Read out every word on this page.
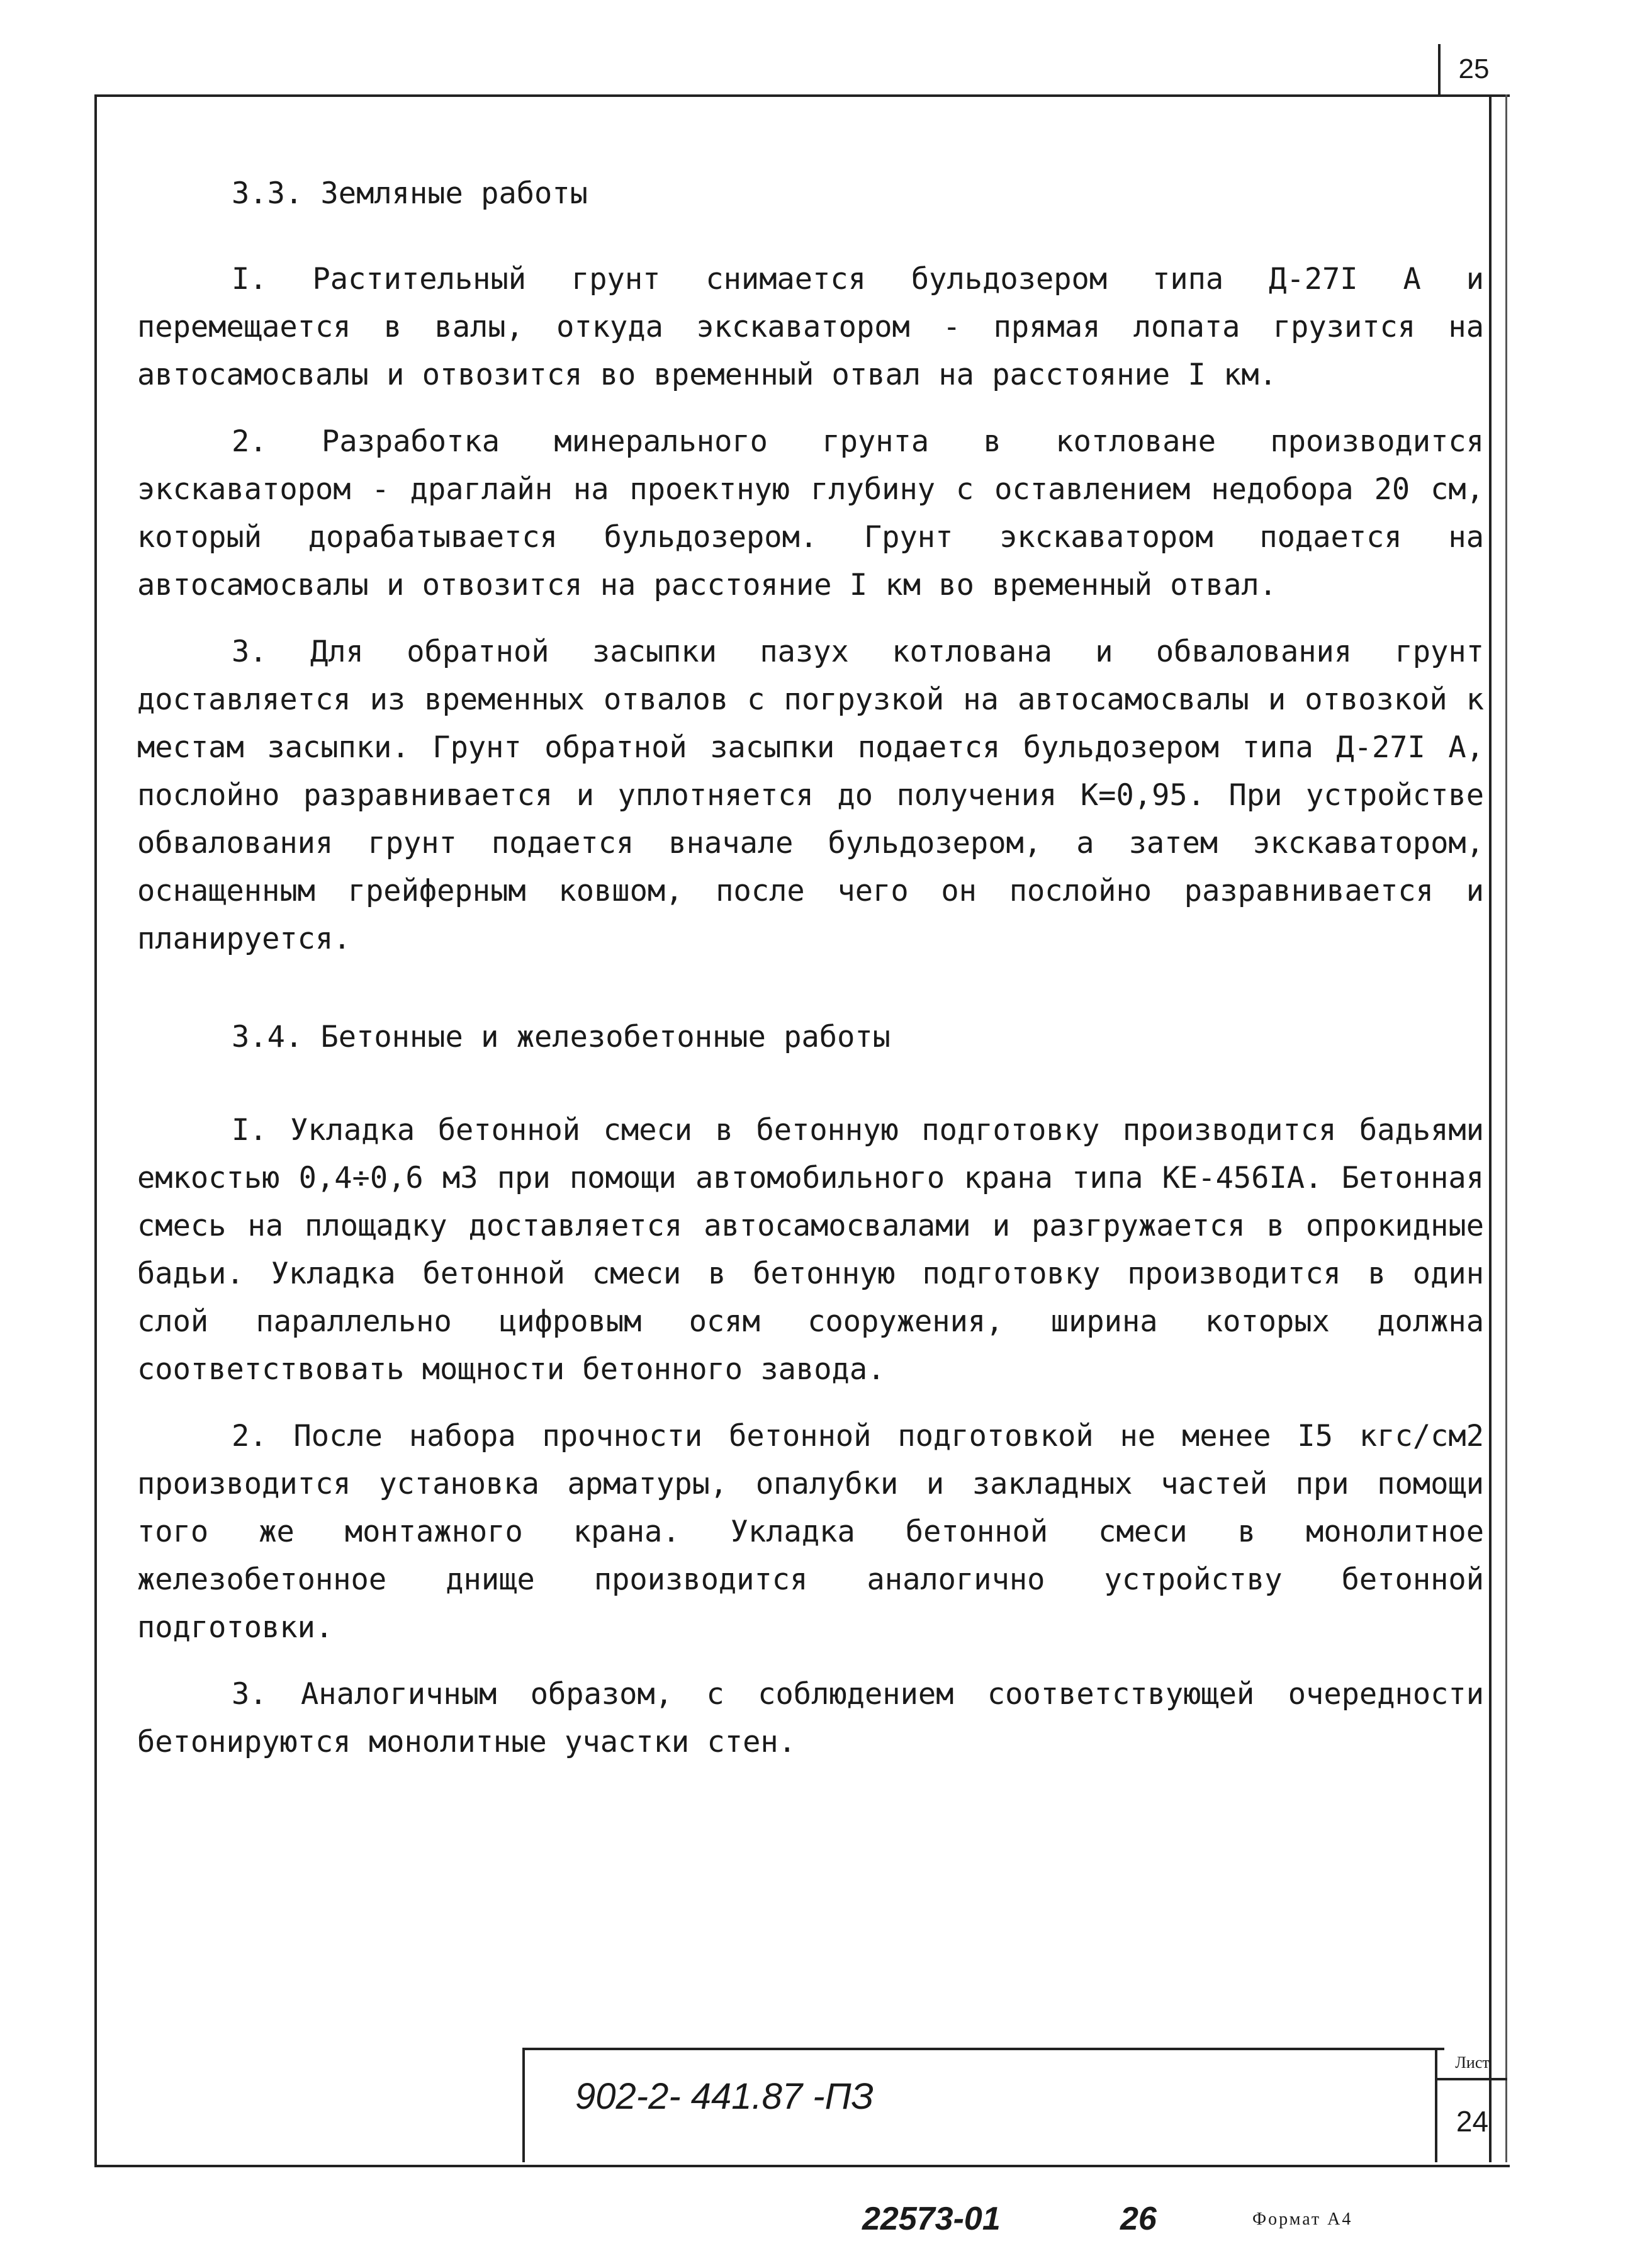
25

3.3. Земляные работы

I. Растительный грунт снимается бульдозером типа Д-27I А и перемещается в валы, откуда экскаватором - прямая лопата грузится на автосамосвалы и отвозится во временный отвал на расстояние I км.

2. Разработка минерального грунта в котловане производится экскаватором - драглайн на проектную глубину с оставлением недобора 20 см, который дорабатывается бульдозером. Грунт экскаватором подается на автосамосвалы и отвозится на расстояние I км во временный отвал.

3. Для обратной засыпки пазух котлована и обвалования грунт доставляется из временных отвалов с погрузкой на автосамосвалы и отвозкой к местам засыпки. Грунт обратной засыпки подается бульдозером типа Д-27I А, послойно разравнивается и уплотняется до получения К=0,95. При устройстве обвалования грунт подается вначале бульдозером, а затем экскаватором, оснащенным грейферным ковшом, после чего он послойно разравнивается и планируется.

3.4. Бетонные и железобетонные работы

I. Укладка бетонной смеси в бетонную подготовку производится бадьями емкостью 0,4÷0,6 м3 при помощи автомобильного крана типа КЕ-456IА. Бетонная смесь на площадку доставляется автосамосвалами и разгружается в опрокидные бадьи. Укладка бетонной смеси в бетонную подготовку производится в один слой параллельно цифровым осям сооружения, ширина которых должна соответствовать мощности бетонного завода.

2. После набора прочности бетонной подготовкой не менее I5 кгс/см2 производится установка арматуры, опалубки и закладных частей при помощи того же монтажного крана. Укладка бетонной смеси в монолитное железобетонное днище производится аналогично устройству бетонной подготовки.

3. Аналогичным образом, с соблюдением соответствующей очередности бетонируются монолитные участки стен.

902-2- 441.87 -ПЗ
Лист
24
22573-01	26	Формат А4
